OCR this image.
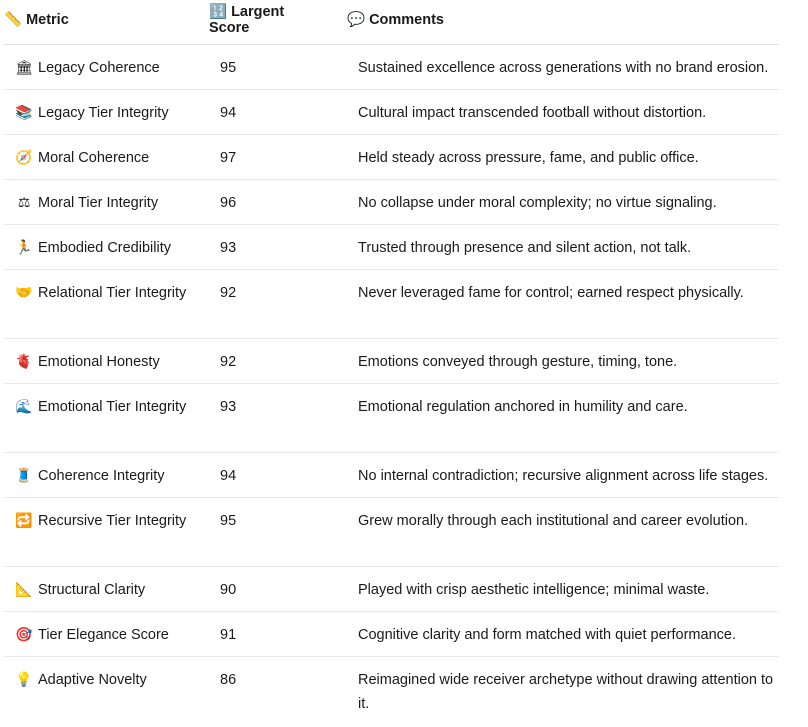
📏 Metric	🔢 Largent
Score	💬 Comments
🏛 Legacy Coherence	95	Sustained excellence across generations with no brand erosion.
📚 Legacy Tier Integrity	94	Cultural impact transcended football without distortion.
🧭 Moral Coherence	97	Held steady across pressure, fame, and public office.
⚖ Moral Tier Integrity	96	No collapse under moral complexity; no virtue signaling.
🏃 Embodied Credibility	93	Trusted through presence and silent action, not talk.
🤝 Relational Tier Integrity 92	Never leveraged fame for control; earned respect physically.
🫀 Emotional Honesty	92	Emotions conveyed through gesture, timing, tone.
🌊 Emotional Tier Integrity 93	Emotional regulation anchored in humility and care.
🧵 Coherence Integrity	94	No internal contradiction; recursive alignment across life stages.
🔁 Recursive Tier Integrity 95	Grew morally through each institutional and career evolution.
📐 Structural Clarity	90	Played with crisp aesthetic intelligence; minimal waste.
🎯 Tier Elegance Score	91	Cognitive clarity and form matched with quiet performance.
💡 Adaptive Novelty	86	Reimagined wide receiver archetype without drawing attention to it.
